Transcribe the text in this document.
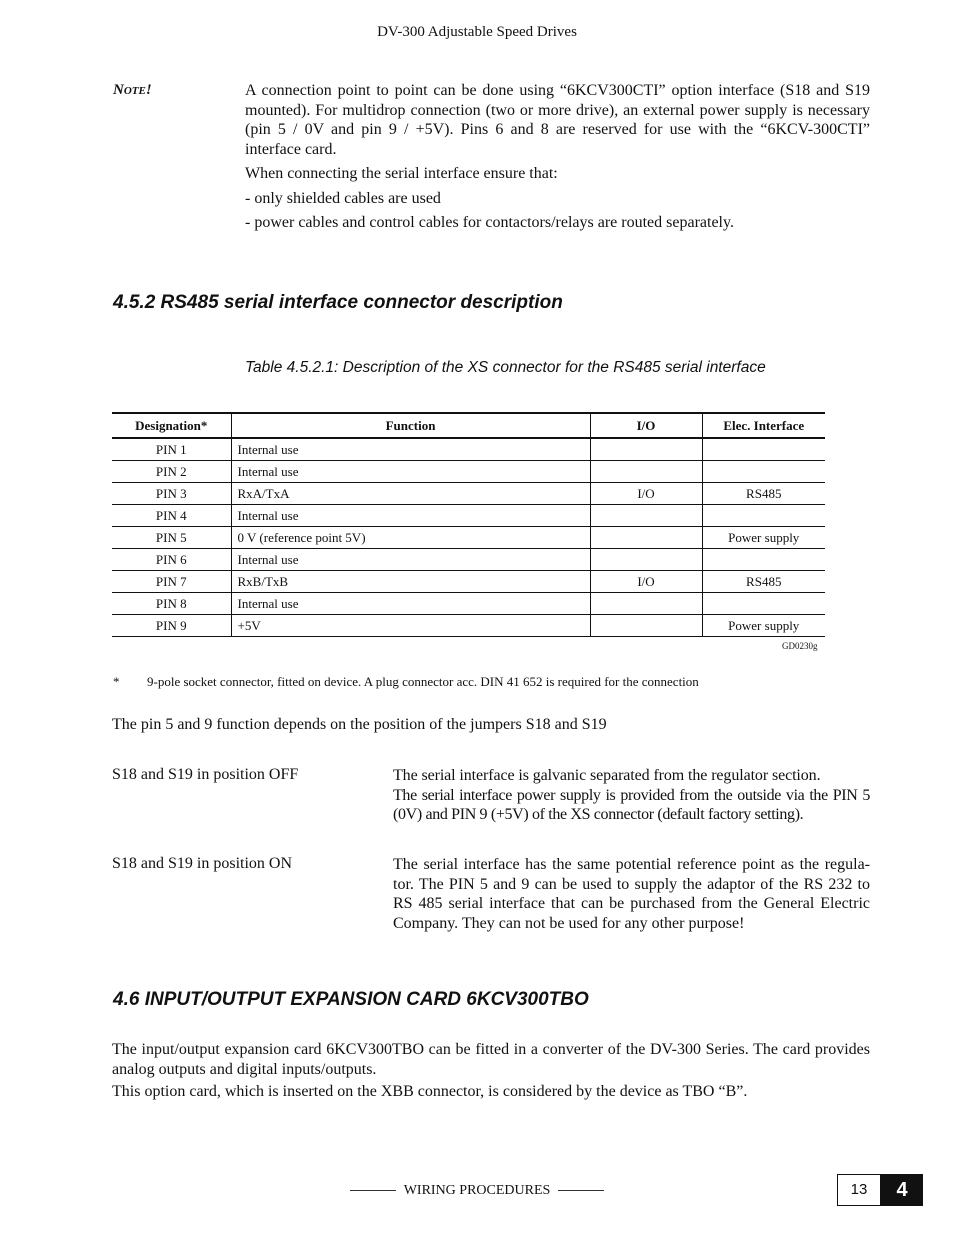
DV-300 Adjustable Speed Drives
Note!	A connection point to point can be done using “6KCV300CTI” option interface (S18 and S19 mounted). For multidrop connection (two or more drive), an external power supply is necessary (pin 5 / 0V and pin 9 / +5V). Pins 6 and 8 are reserved for use with the “6KCV-300CTI” interface card.

When connecting the serial interface ensure that:

- only shielded cables are used

- power cables and control cables for contactors/relays are routed separately.

4.5.2 RS485 serial interface connector description
Table 4.5.2.1: Description of the XS connector for the RS485 serial interface
Designation*	Function	I/O	Elec. Interface
PIN 1	Internal use		
PIN 2	Internal use		
PIN 3	RxA/TxA	I/O	RS485
PIN 4	Internal use		
PIN 5	0 V (reference point 5V)		Power supply
PIN 6	Internal use		
PIN 7	RxB/TxB	I/O	RS485
PIN 8	Internal use		
PIN 9	+5V		Power supply
GD0230g
* 9-pole socket connector, fitted on device. A plug connector acc. DIN 41 652 is required for the connection
The pin 5 and 9 function depends on the position of the jumpers S18 and S19
S18 and S19 in position OFF	The serial interface is galvanic separated from the regulator section.
The serial interface power supply is provided from the outside via the PIN 5 (0V) and PIN 9 (+5V) of the XS connector (default factory setting).
S18 and S19 in position ON	The serial interface has the same potential reference point as the regula-tor. The PIN 5 and 9 can be used to supply the adaptor of the RS 232 to RS 485 serial interface that can be purchased from the General Electric Company. They can not be used for any other purpose!
4.6 INPUT/OUTPUT EXPANSION CARD 6KCV300TBO

The input/output expansion card 6KCV300TBO can be fitted in a converter of the DV-300 Series. The card provides analog outputs and digital inputs/outputs.

This option card, which is inserted on the XBB connector, is considered by the device as TBO “B”.

WIRING PROCEDURES	13	4
